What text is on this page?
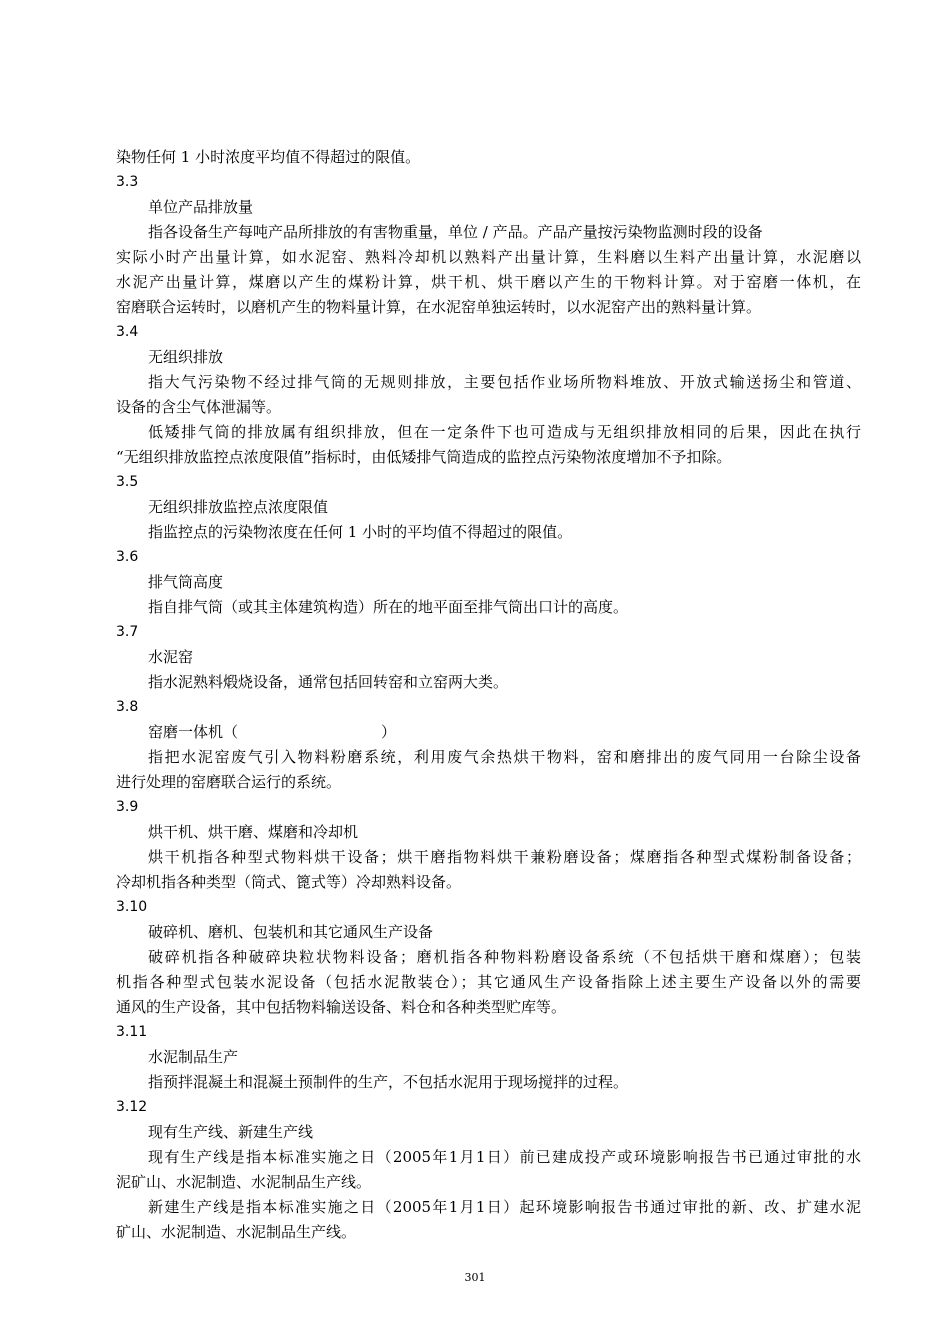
染物任何 1 小时浓度平均值不得超过的限值。
3.3
单位产品排放量
指各设备生产每吨产品所排放的有害物重量，单位 / 产品。产品产量按污染物监测时段的设备
实际小时产出量计算，如水泥窑、熟料冷却机以熟料产出量计算，生料磨以生料产出量计算，水泥磨以
水泥产出量计算，煤磨以产生的煤粉计算，烘干机、烘干磨以产生的干物料计算。对于窑磨一体机，在
窑磨联合运转时，以磨机产生的物料量计算，在水泥窑单独运转时，以水泥窑产出的熟料量计算。
3.4
无组织排放
指大气污染物不经过排气筒的无规则排放，主要包括作业场所物料堆放、开放式输送扬尘和管道、
设备的含尘气体泄漏等。
低矮排气筒的排放属有组织排放，但在一定条件下也可造成与无组织排放相同的后果，因此在执行
“无组织排放监控点浓度限值”指标时，由低矮排气筒造成的监控点污染物浓度增加不予扣除。
3.5
无组织排放监控点浓度限值
指监控点的污染物浓度在任何 1 小时的平均值不得超过的限值。
3.6
排气筒高度
指自排气筒（或其主体建筑构造）所在的地平面至排气筒出口计的高度。
3.7
水泥窑
指水泥熟料煅烧设备，通常包括回转窑和立窑两大类。
3.8
窑磨一体机（                              ）
指把水泥窑废气引入物料粉磨系统，利用废气余热烘干物料，窑和磨排出的废气同用一台除尘设备
进行处理的窑磨联合运行的系统。
3.9
烘干机、烘干磨、煤磨和冷却机
烘干机指各种型式物料烘干设备；烘干磨指物料烘干兼粉磨设备；煤磨指各种型式煤粉制备设备；
冷却机指各种类型（筒式、篦式等）冷却熟料设备。
3.10
破碎机、磨机、包装机和其它通风生产设备
破碎机指各种破碎块粒状物料设备；磨机指各种物料粉磨设备系统（不包括烘干磨和煤磨）；包装
机指各种型式包装水泥设备（包括水泥散装仓）；其它通风生产设备指除上述主要生产设备以外的需要
通风的生产设备，其中包括物料输送设备、料仓和各种类型贮库等。
3.11
水泥制品生产
指预拌混凝土和混凝土预制件的生产，不包括水泥用于现场搅拌的过程。
3.12
现有生产线、新建生产线
现有生产线是指本标准实施之日（2005年1月1日）前已建成投产或环境影响报告书已通过审批的水
泥矿山、水泥制造、水泥制品生产线。
新建生产线是指本标准实施之日（2005年1月1日）起环境影响报告书通过审批的新、改、扩建水泥
矿山、水泥制造、水泥制品生产线。
301
